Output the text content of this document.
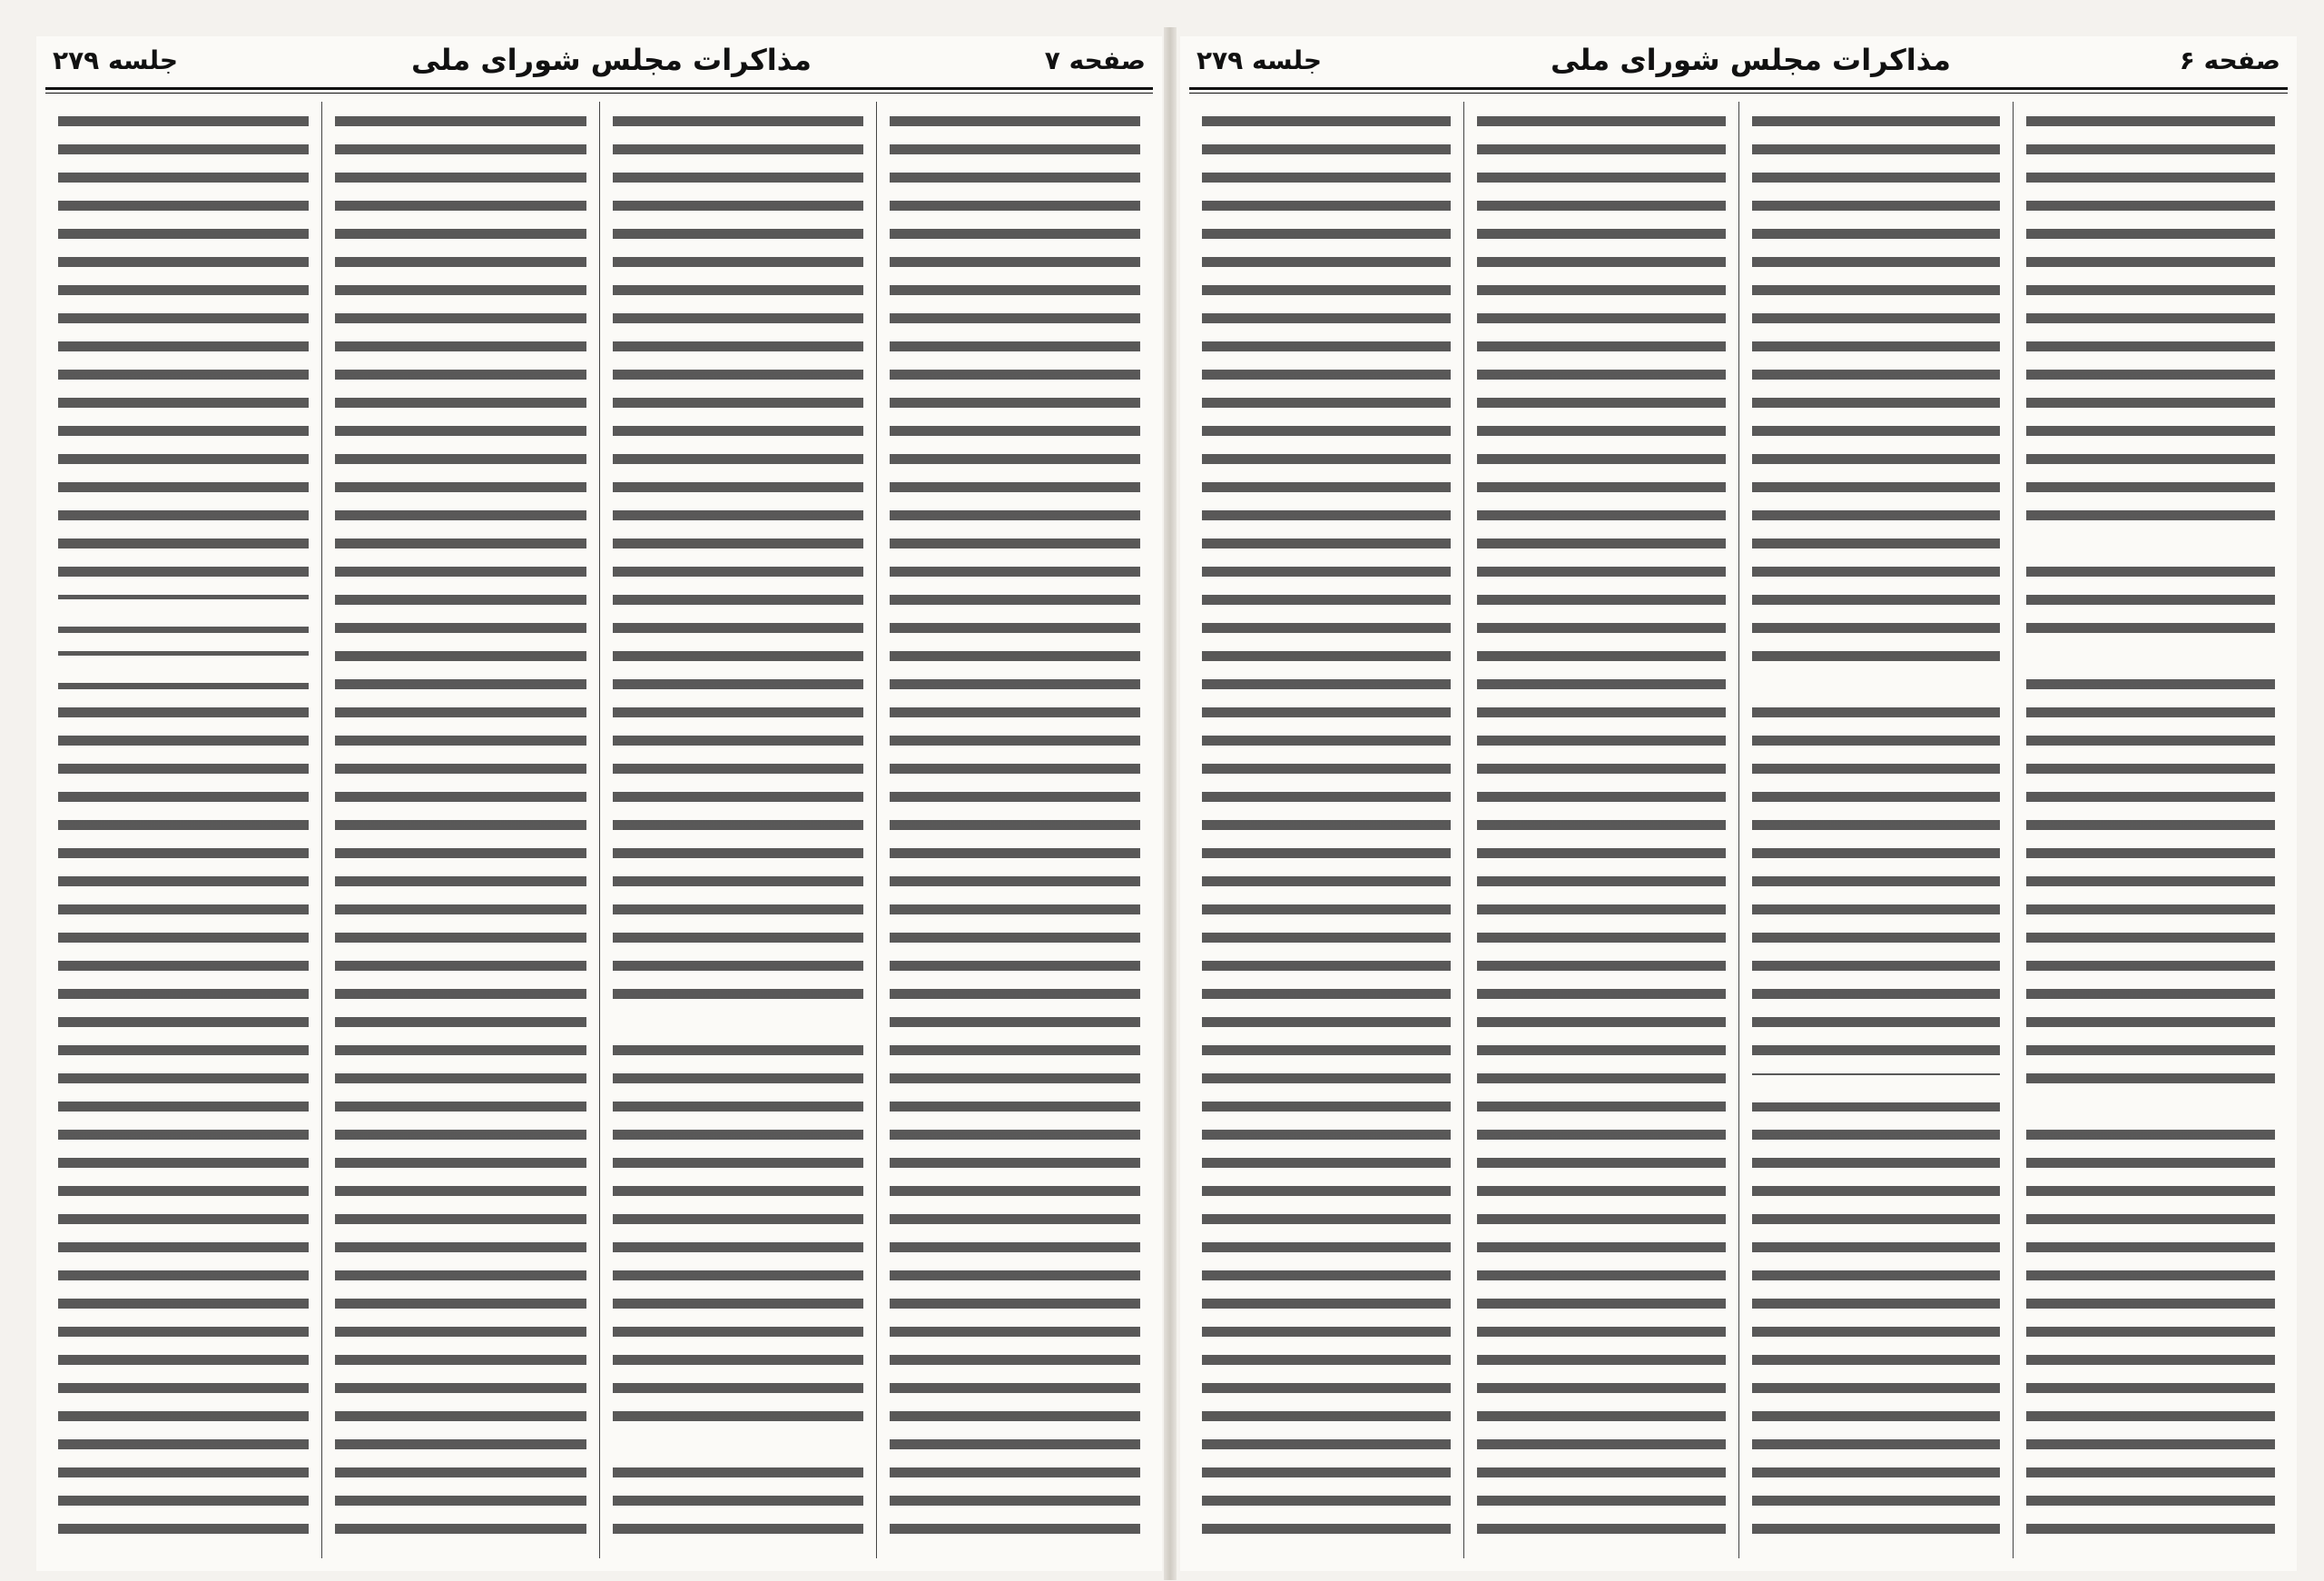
صفحه ۷
مذاکرات مجلس شورای ملی
جلسه ۲۷۹	صفحه ۶
مذاکرات مجلس شورای ملی
جلسه ۲۷۹
